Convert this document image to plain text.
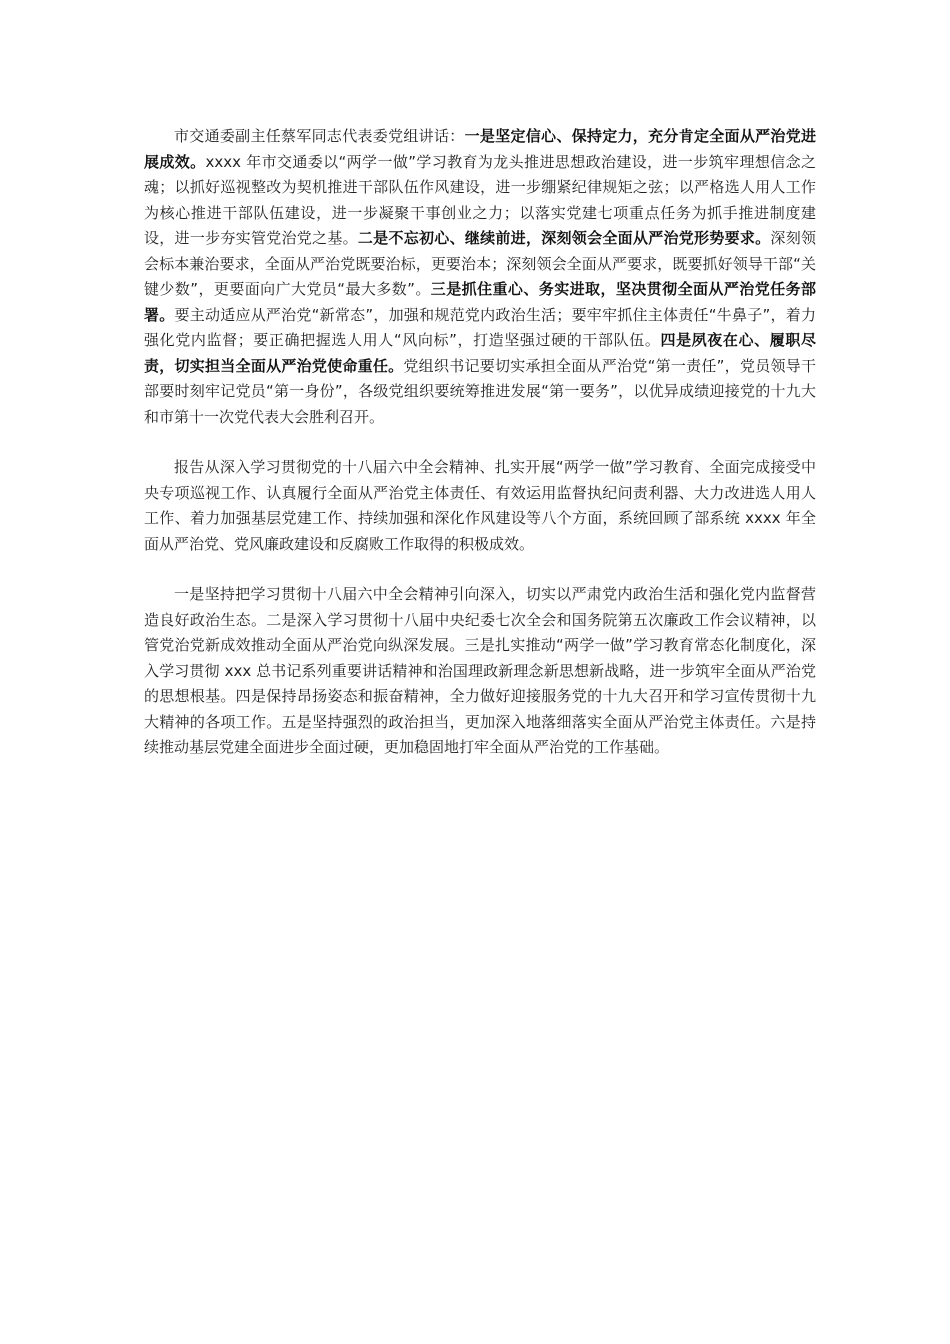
市交通委副主任蔡军同志代表委党组讲话：一是坚定信心、保持定力，充分肯定全面从严治党进展成效。xxxx 年市交通委以“两学一做”学习教育为龙头推进思想政治建设，进一步筑牢理想信念之魂；以抓好巡视整改为契机推进干部队伍作风建设，进一步绷紧纪律规矩之弦；以严格选人用人工作为核心推进干部队伍建设，进一步凝聚干事创业之力；以落实党建七项重点任务为抓手推进制度建设，进一步夯实管党治党之基。二是不忘初心、继续前进，深刻领会全面从严治党形势要求。深刻领会标本兼治要求，全面从严治党既要治标，更要治本；深刻领会全面从严要求，既要抓好领导干部“关键少数”，更要面向广大党员“最大多数”。三是抓住重心、务实进取，坚决贯彻全面从严治党任务部署。要主动适应从严治党“新常态”，加强和规范党内政治生活；要牢牢抓住主体责任“牛鼻子”，着力强化党内监督；要正确把握选人用人“风向标”，打造坚强过硬的干部队伍。四是夙夜在心、履职尽责，切实担当全面从严治党使命重任。党组织书记要切实承担全面从严治党“第一责任”，党员领导干部要时刻牢记党员“第一身份”，各级党组织要统筹推进发展“第一要务”，以优异成绩迎接党的十九大和市第十一次党代表大会胜利召开。

报告从深入学习贯彻党的十八届六中全会精神、扎实开展“两学一做”学习教育、全面完成接受中央专项巡视工作、认真履行全面从严治党主体责任、有效运用监督执纪问责利器、大力改进选人用人工作、着力加强基层党建工作、持续加强和深化作风建设等八个方面，系统回顾了部系统 xxxx 年全面从严治党、党风廉政建设和反腐败工作取得的积极成效。

一是坚持把学习贯彻十八届六中全会精神引向深入，切实以严肃党内政治生活和强化党内监督营造良好政治生态。二是深入学习贯彻十八届中央纪委七次全会和国务院第五次廉政工作会议精神，以管党治党新成效推动全面从严治党向纵深发展。三是扎实推动“两学一做”学习教育常态化制度化，深入学习贯彻 xxx 总书记系列重要讲话精神和治国理政新理念新思想新战略，进一步筑牢全面从严治党的思想根基。四是保持昂扬姿态和振奋精神，全力做好迎接服务党的十九大召开和学习宣传贯彻十九大精神的各项工作。五是坚持强烈的政治担当，更加深入地落细落实全面从严治党主体责任。六是持续推动基层党建全面进步全面过硬，更加稳固地打牢全面从严治党的工作基础。
